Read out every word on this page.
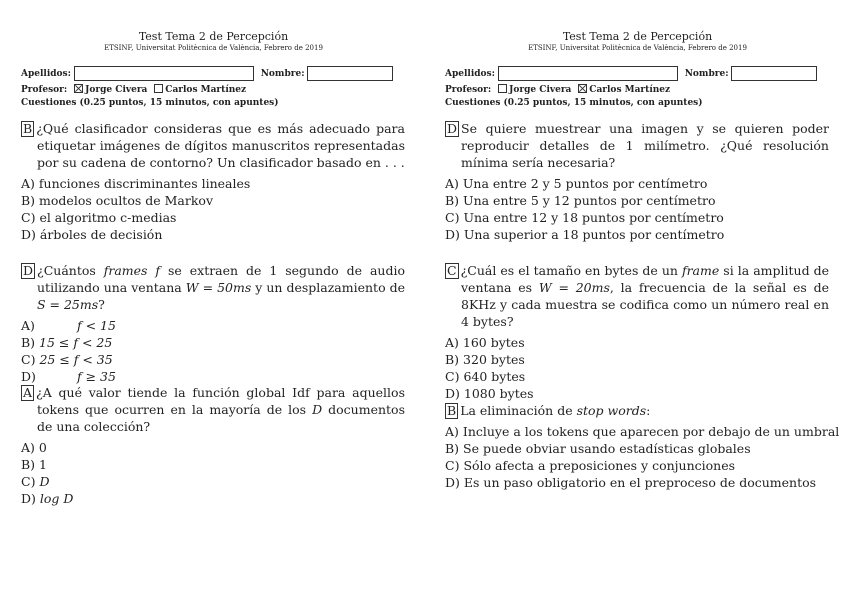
Test Tema 2 de Percepción
ETSINF, Universitat Politècnica de València, Febrero de 2019
Apellidos:	Nombre:
Profesor: Jorge Civera Carlos Martínez
Cuestiones (0.25 puntos, 15 minutos, con apuntes)
B ¿Qué clasificador consideras que es más adecuado para etiquetar imágenes de dígitos manuscritos representadas por su cadena de contorno? Un clasificador basado en . . .
A) funciones discriminantes lineales
B) modelos ocultos de Markov
C) el algoritmo c-medias
D) árboles de decisión
D ¿Cuántos frames f se extraen de 1 segundo de audio utilizando una ventana W = 50ms y un desplazamiento de S = 25ms?
A)	f < 15
B) 15 ≤ f < 25
C) 25 ≤ f < 35
D)	f ≥ 35
A ¿A qué valor tiende la función global Idf para aquellos tokens que ocurren en la mayoría de los D documentos de una colección?
A) 0
B) 1
C) D
D) log D
Test Tema 2 de Percepción
ETSINF, Universitat Politècnica de València, Febrero de 2019
Apellidos:	Nombre:
Profesor: Jorge Civera Carlos Martínez
Cuestiones (0.25 puntos, 15 minutos, con apuntes)
D Se quiere muestrear una imagen y se quieren poder reproducir detalles de 1 milímetro. ¿Qué resolución mínima sería necesaria?
A) Una entre 2 y 5 puntos por centímetro
B) Una entre 5 y 12 puntos por centímetro
C) Una entre 12 y 18 puntos por centímetro
D) Una superior a 18 puntos por centímetro
C ¿Cuál es el tamaño en bytes de un frame si la amplitud de ventana es W = 20ms, la frecuencia de la señal es de 8KHz y cada muestra se codifica como un número real en 4 bytes?
A) 160 bytes
B) 320 bytes
C) 640 bytes
D) 1080 bytes
B La eliminación de stop words:
A) Incluye a los tokens que aparecen por debajo de un umbral
B) Se puede obviar usando estadísticas globales
C) Sólo afecta a preposiciones y conjunciones
D) Es un paso obligatorio en el preproceso de documentos
